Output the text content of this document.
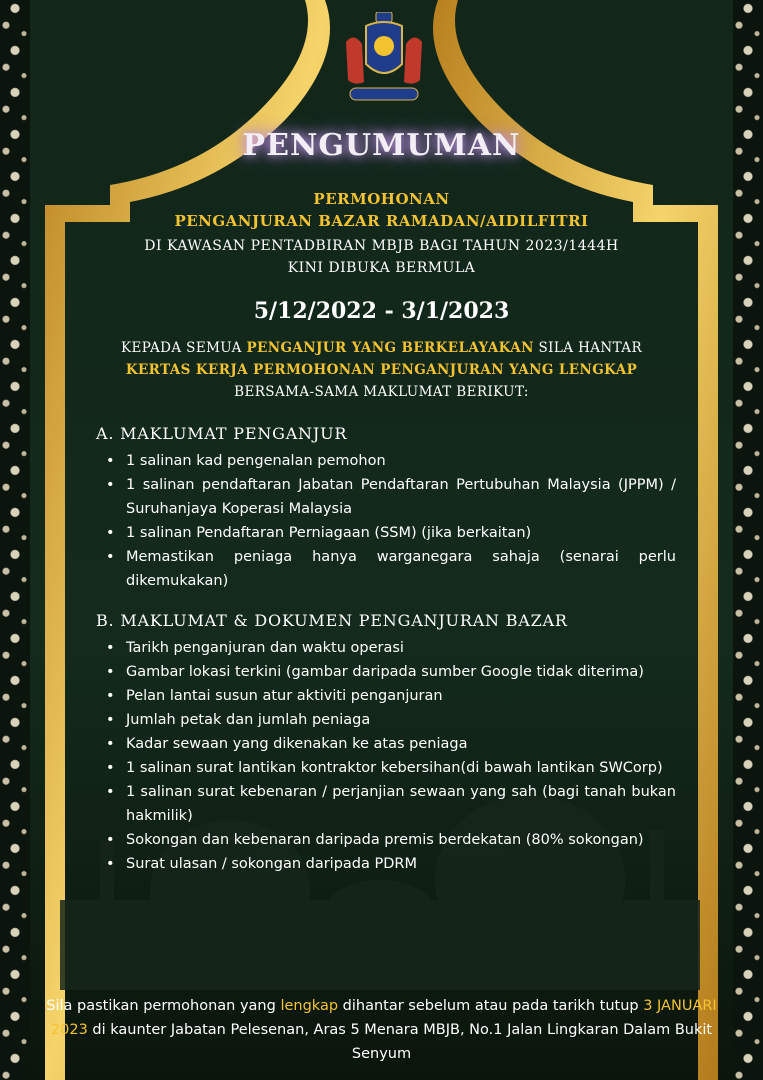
PENGUMUMAN
PERMOHONAN
PENGANJURAN BAZAR RAMADAN/AIDILFITRI
DI KAWASAN PENTADBIRAN MBJB BAGI TAHUN 2023/1444H
KINI DIBUKA BERMULA
5/12/2022 - 3/1/2023
KEPADA SEMUA PENGANJUR YANG BERKELAYAKAN SILA HANTAR
KERTAS KERJA PERMOHONAN PENGANJURAN YANG LENGKAP
BERSAMA-SAMA MAKLUMAT BERIKUT:
A. MAKLUMAT PENGANJUR
• 1 salinan kad pengenalan pemohon
• 1 salinan pendaftaran Jabatan Pendaftaran Pertubuhan Malaysia (JPPM) / Suruhanjaya Koperasi Malaysia
• 1 salinan Pendaftaran Perniagaan (SSM) (jika berkaitan)
• Memastikan peniaga hanya warganegara sahaja (senarai perlu dikemukakan)
B. MAKLUMAT & DOKUMEN PENGANJURAN BAZAR
• Tarikh penganjuran dan waktu operasi
• Gambar lokasi terkini (gambar daripada sumber Google tidak diterima)
• Pelan lantai susun atur aktiviti penganjuran
• Jumlah petak dan jumlah peniaga
• Kadar sewaan yang dikenakan ke atas peniaga
• 1 salinan surat lantikan kontraktor kebersihan(di bawah lantikan SWCorp)
• 1 salinan surat kebenaran / perjanjian sewaan yang sah (bagi tanah bukan hakmilik)
• Sokongan dan kebenaran daripada premis berdekatan (80% sokongan)
• Surat ulasan / sokongan daripada PDRM
Sila pastikan permohonan yang lengkap dihantar sebelum atau pada tarikh tutup 3 JANUARI 2023 di kaunter Jabatan Pelesenan, Aras 5 Menara MBJB, No.1 Jalan Lingkaran Dalam Bukit Senyum
